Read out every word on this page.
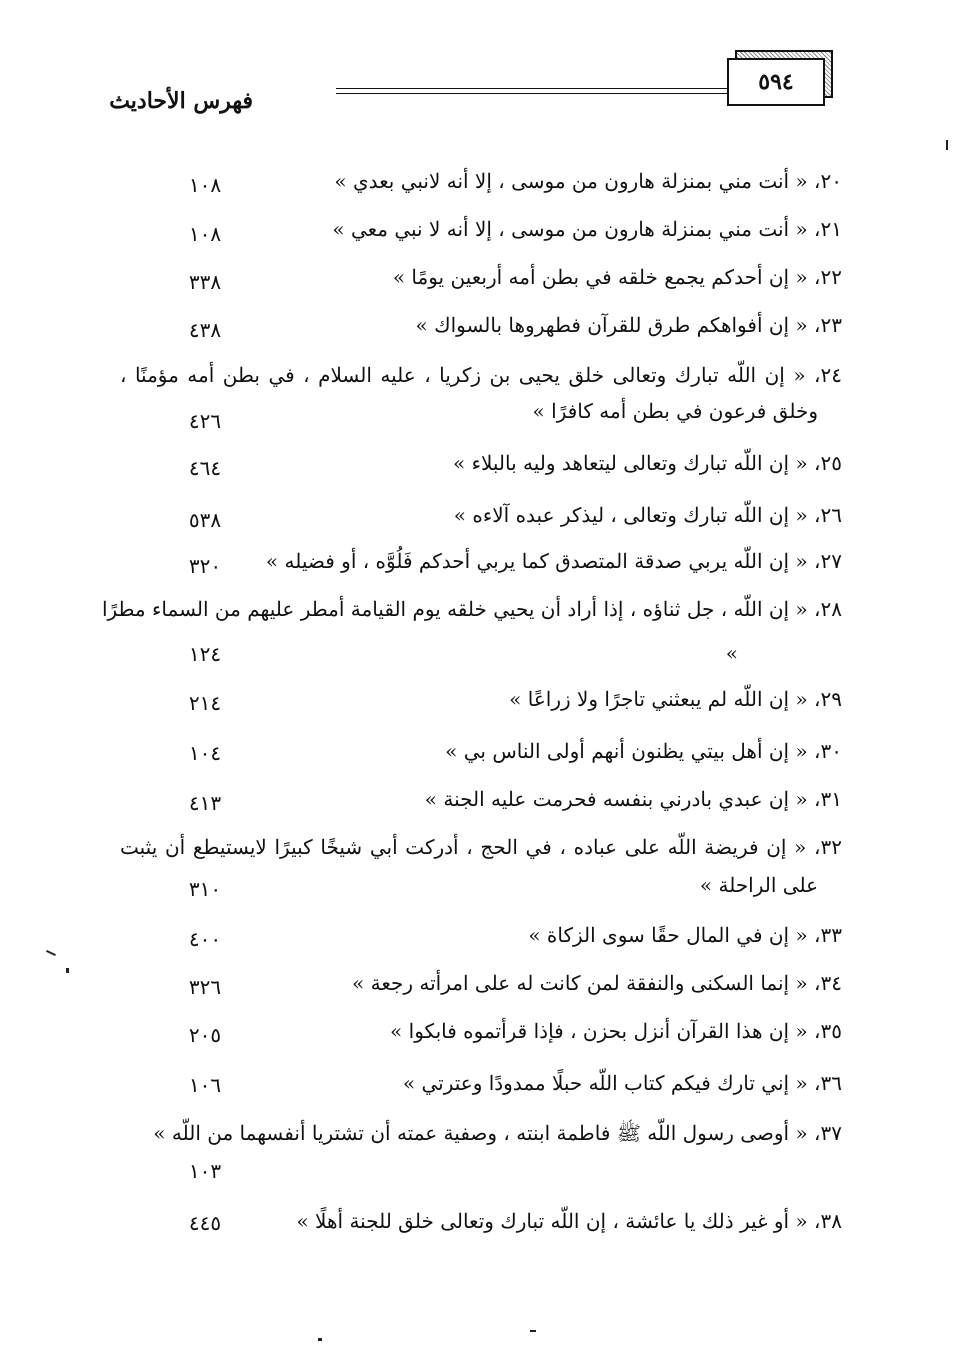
٥٩٤
فهرس الأحاديث
٢٠، « أنت مني بمنزلة هارون من موسى ، إلا أنه لانبي بعدي »
١٠٨
٢١، « أنت مني بمنزلة هارون من موسى ، إلا أنه لا نبي معي »
١٠٨
٢٢، « إن أحدكم يجمع خلقه في بطن أمه أربعين يومًا »
٣٣٨
٢٣، « إن أفواهكم طرق للقرآن فطهروها بالسواك »
٤٣٨
٢٤، « إن اللّه تبارك وتعالى خلق يحيى بن زكريا ، عليه السلام ، في بطن أمه مؤمنًا ،
وخلق فرعون في بطن أمه كافرًا »
٤٢٦
٢٥، « إن اللّه تبارك وتعالى ليتعاهد وليه بالبلاء »
٤٦٤
٢٦، « إن اللّه تبارك وتعالى ، ليذكر عبده آلاءه »
٥٣٨
٢٧، « إن اللّه يربي صدقة المتصدق كما يربي أحدكم فَلُوَّه ، أو فضيله »
٣٢٠
٢٨، « إن اللّه ، جل ثناؤه ، إذا أراد أن يحيي خلقه يوم القيامة أمطر عليهم من السماء مطرًا
»
١٢٤
٢٩، « إن اللّه لم يبعثني تاجرًا ولا زراعًا »
٢١٤
٣٠، « إن أهل بيتي يظنون أنهم أولى الناس بي »
١٠٤
٣١، « إن عبدي بادرني بنفسه فحرمت عليه الجنة »
٤١٣
٣٢، « إن فريضة اللّه على عباده ، في الحج ، أدركت أبي شيخًا كبيرًا لايستيطع أن يثبت
على الراحلة »
٣١٠
٣٣، « إن في المال حقًا سوى الزكاة »
٤٠٠
٣٤، « إنما السكنى والنفقة لمن كانت له على امرأته رجعة »
٣٢٦
٣٥، « إن هذا القرآن أنزل بحزن ، فإذا قرأتموه فابكوا »
٢٠٥
٣٦، « إني تارك فيكم كتاب اللّه حبلًا ممدودًا وعترتي »
١٠٦
٣٧، « أوصى رسول اللّه ﷺ فاطمة ابنته ، وصفية عمته أن تشتريا أنفسهما من اللّه »
١٠٣
٣٨، « أو غير ذلك يا عائشة ، إن اللّه تبارك وتعالى خلق للجنة أهلًا »
٤٤٥
